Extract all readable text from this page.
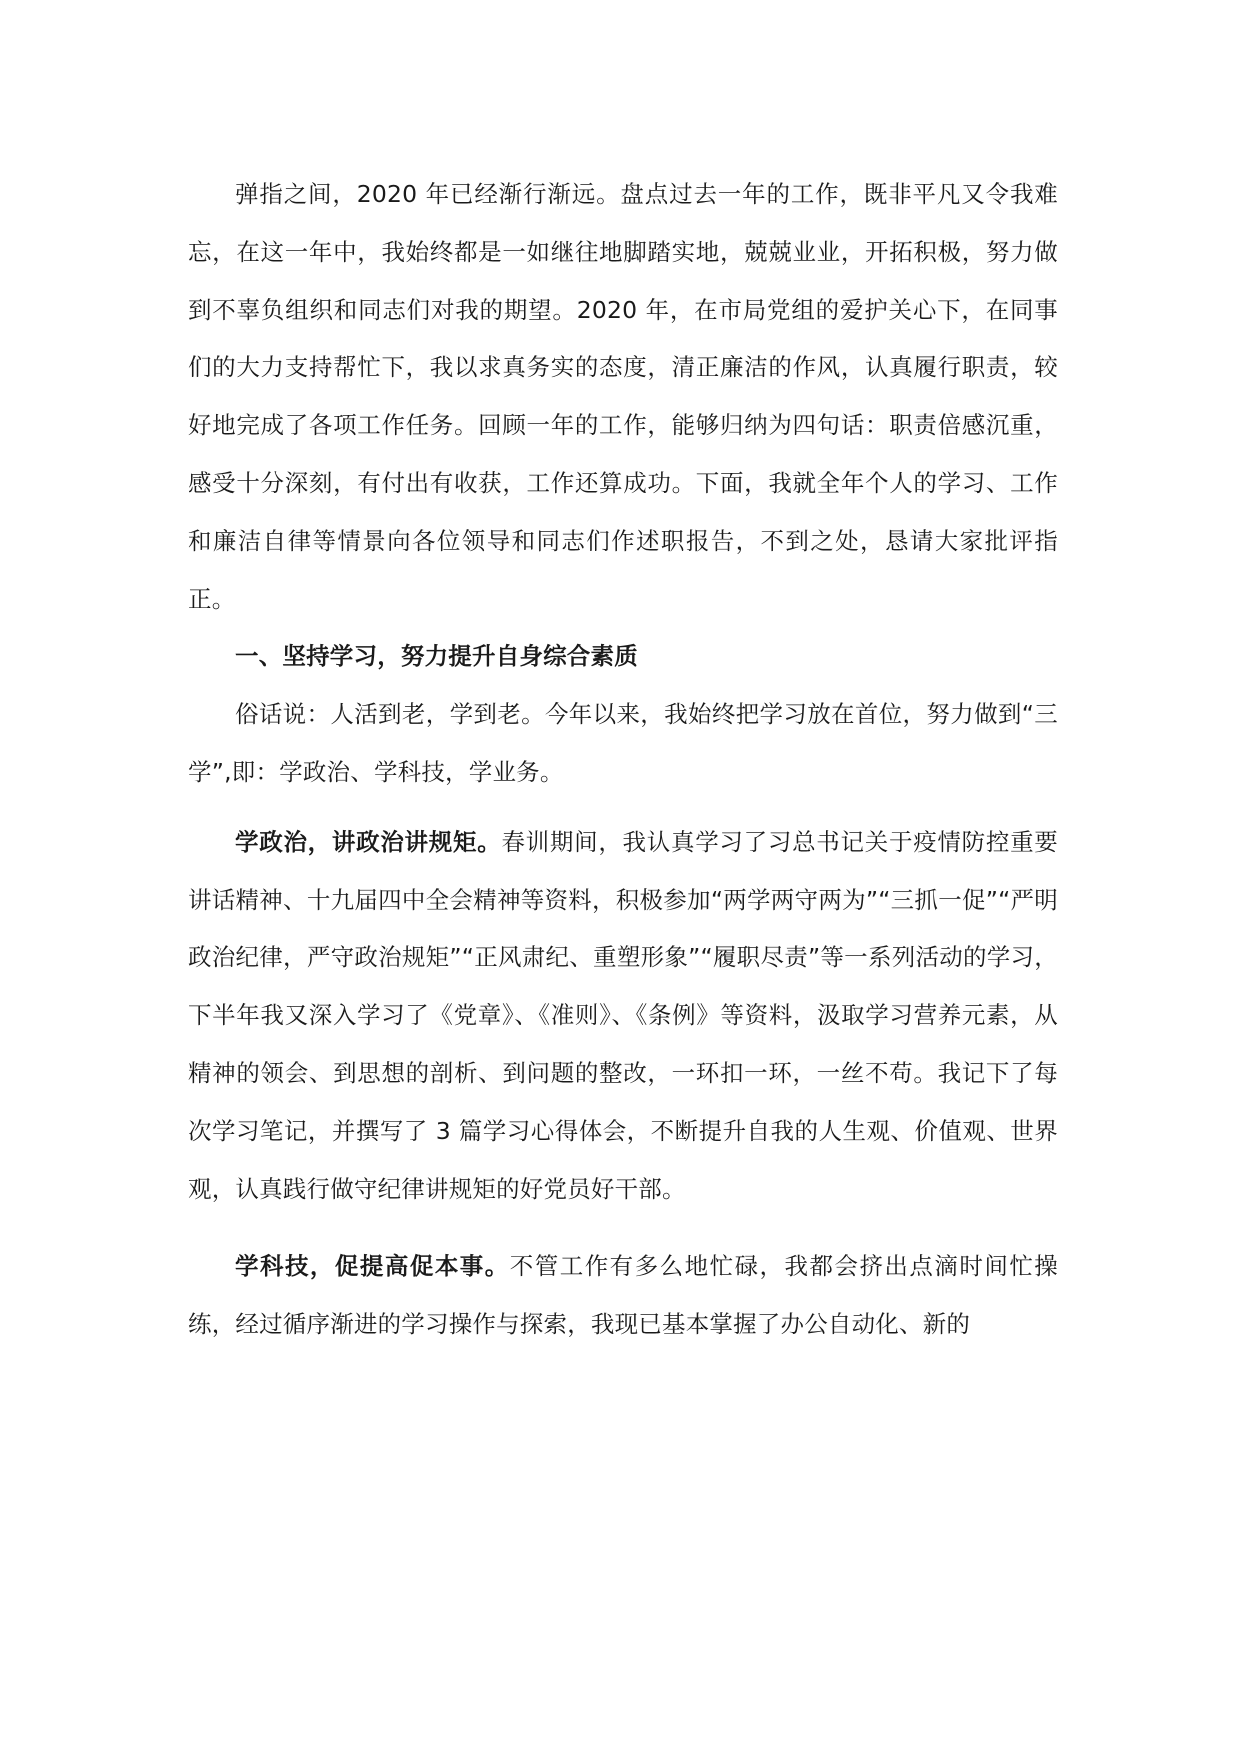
弹指之间，2020 年已经渐行渐远。盘点过去一年的工作，既非平凡又令我难忘，在这一年中，我始终都是一如继往地脚踏实地，兢兢业业，开拓积极，努力做到不辜负组织和同志们对我的期望。2020 年，在市局党组的爱护关心下，在同事们的大力支持帮忙下，我以求真务实的态度，清正廉洁的作风，认真履行职责，较好地完成了各项工作任务。回顾一年的工作，能够归纳为四句话：职责倍感沉重，感受十分深刻，有付出有收获，工作还算成功。下面，我就全年个人的学习、工作和廉洁自律等情景向各位领导和同志们作述职报告，不到之处，恳请大家批评指正。

一、坚持学习，努力提升自身综合素质

俗话说：人活到老，学到老。今年以来，我始终把学习放在首位，努力做到“三学”,即：学政治、学科技，学业务。

学政治，讲政治讲规矩。春训期间，我认真学习了习总书记关于疫情防控重要讲话精神、十九届四中全会精神等资料，积极参加“两学两守两为”“三抓一促”“严明政治纪律，严守政治规矩”“正风肃纪、重塑形象”“履职尽责”等一系列活动的学习，下半年我又深入学习了《党章》、《准则》、《条例》等资料，汲取学习营养元素，从精神的领会、到思想的剖析、到问题的整改，一环扣一环，一丝不苟。我记下了每次学习笔记，并撰写了 3 篇学习心得体会，不断提升自我的人生观、价值观、世界观，认真践行做守纪律讲规矩的好党员好干部。

学科技，促提高促本事。不管工作有多么地忙碌，我都会挤出点滴时间忙操练，经过循序渐进的学习操作与探索，我现已基本掌握了办公自动化、新的
